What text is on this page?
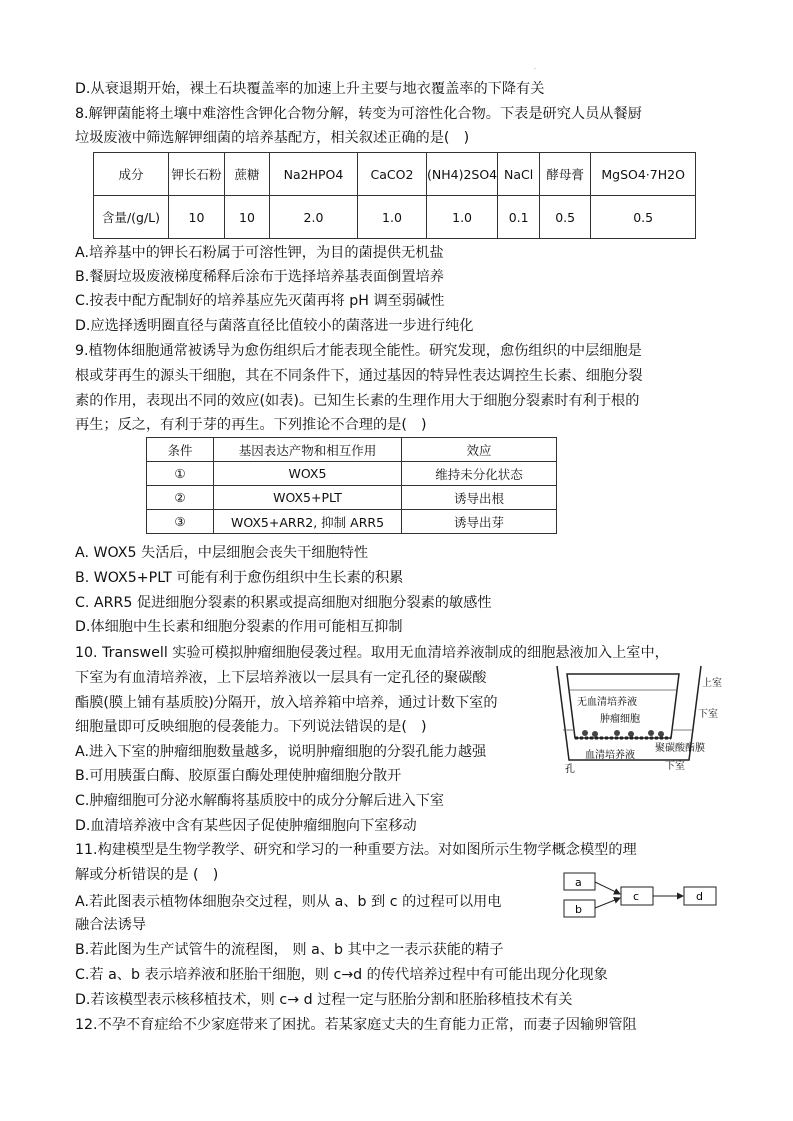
.
D.从衰退期开始，裸土石块覆盖率的加速上升主要与地衣覆盖率的下降有关
8.解钾菌能将土壤中难溶性含钾化合物分解，转变为可溶性化合物。下表是研究人员从餐厨
垃圾废液中筛选解钾细菌的培养基配方，相关叙述正确的是(　)
成分	钾长石粉	蔗糖	Na2HPO4	CaCO2	(NH4)2SO4	NaCl	酵母膏	MgSO4·7H2O
含量/(g/L)	10	10	2.0	1.0	1.0	0.1	0.5	0.5
A.培养基中的钾长石粉属于可溶性钾，为目的菌提供无机盐
B.餐厨垃圾废液梯度稀释后涂布于选择培养基表面倒置培养
C.按表中配方配制好的培养基应先灭菌再将 pH 调至弱碱性
D.应选择透明圈直径与菌落直径比值较小的菌落进一步进行纯化
9.植物体细胞通常被诱导为愈伤组织后才能表现全能性。研究发现，愈伤组织的中层细胞是
根或芽再生的源头干细胞，其在不同条件下，通过基因的特异性表达调控生长素、细胞分裂
素的作用，表现出不同的效应(如表)。已知生长素的生理作用大于细胞分裂素时有利于根的
再生；反之，有利于芽的再生。下列推论不合理的是(　)
条件	基因表达产物和相互作用	效应
①	WOX5	维持未分化状态
②	WOX5+PLT	诱导出根
③	WOX5+ARR2, 抑制 ARR5	诱导出芽
A. WOX5 失活后，中层细胞会丧失干细胞特性
B. WOX5+PLT 可能有利于愈伤组织中生长素的积累
C. ARR5 促进细胞分裂素的积累或提高细胞对细胞分裂素的敏感性
D.体细胞中生长素和细胞分裂素的作用可能相互抑制
10. Transwell 实验可模拟肿瘤细胞侵袭过程。取用无血清培养液制成的细胞悬液加入上室中，
下室为有血清培养液，上下层培养液以一层具有一定孔径的聚碳酸
酯膜(膜上铺有基质胶)分隔开，放入培养箱中培养，通过计数下室的
细胞量即可反映细胞的侵袭能力。下列说法错误的是(　)
A.进入下室的肿瘤细胞数量越多，说明肿瘤细胞的分裂孔能力越强
B.可用胰蛋白酶、胶原蛋白酶处理使肿瘤细胞分散开
C.肿瘤细胞可分泌水解酶将基质胶中的成分分解后进入下室
D.血清培养液中含有某些因子促使肿瘤细胞向下室移动
无血清培养液
肿瘤细胞
血清培养液
孔
上室
下室
聚碳酸酯膜
下室
11.构建模型是生物学教学、研究和学习的一种重要方法。对如图所示生物学概念模型的理
解或分析错误的是 (　)	a
b
c	d
A.若此图表示植物体细胞杂交过程，则从 a、b 到 c 的过程可以用电
融合法诱导
B.若此图为生产试管牛的流程图， 则 a、b 其中之一表示获能的精子
C.若 a、b 表示培养液和胚胎干细胞，则 c→d 的传代培养过程中有可能出现分化现象
D.若该模型表示核移植技术，则 c→ d 过程一定与胚胎分割和胚胎移植技术有关
12.不孕不育症给不少家庭带来了困扰。若某家庭丈夫的生育能力正常，而妻子因输卵管阻
